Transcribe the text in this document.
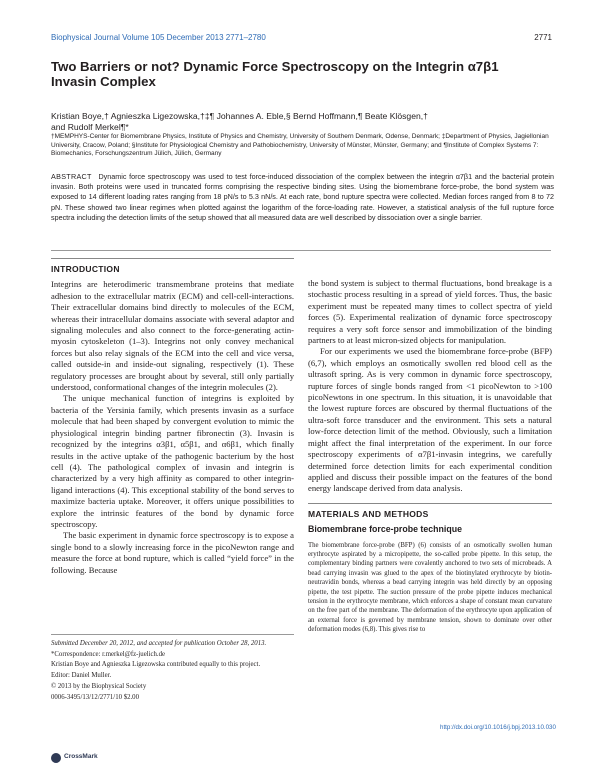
Biophysical Journal Volume 105 December 2013 2771–2780	2771
Two Barriers or not? Dynamic Force Spectroscopy on the Integrin α7β1
Invasin Complex
Kristian Boye,† Agnieszka Ligezowska,†‡¶ Johannes A. Eble,§ Bernd Hoffmann,¶ Beate Klösgen,†
and Rudolf Merkel¶*
†MEMPHYS-Center for Biomembrane Physics, Institute of Physics and Chemistry, University of Southern Denmark, Odense, Denmark; ‡Department of Physics, Jagiellonian University, Cracow, Poland; §Institute for Physiological Chemistry and Pathobiochemistry, University of Münster, Münster, Germany; and ¶Institute of Complex Systems 7: Biomechanics, Forschungszentrum Jülich, Jülich, Germany
ABSTRACT Dynamic force spectroscopy was used to test force-induced dissociation of the complex between the integrin α7β1 and the bacterial protein invasin. Both proteins were used in truncated forms comprising the respective binding sites. Using the biomembrane force-probe, the bond system was exposed to 14 different loading rates ranging from 18 pN/s to 5.3 nN/s. At each rate, bond rupture spectra were collected. Median forces ranged from 8 to 72 pN. These showed two linear regimes when plotted against the logarithm of the force-loading rate. However, a statistical analysis of the full rupture force spectra including the detection limits of the setup showed that all measured data are well described by dissociation over a single barrier.
INTRODUCTION

Integrins are heterodimeric transmembrane proteins that mediate adhesion to the extracellular matrix (ECM) and cell-cell-interactions. Their extracellular domains bind directly to molecules of the ECM, whereas their intracellular domains associate with several adaptor and signaling molecules and also connect to the force-generating actin-myosin cytoskeleton (1–3). Integrins not only convey mechanical forces but also relay signals of the ECM into the cell and vice versa, called outside-in and inside-out signaling, respectively (1). These regulatory processes are brought about by several, still only partially understood, conformational changes of the integrin molecules (2).

The unique mechanical function of integrins is exploited by bacteria of the Yersinia family, which presents invasin as a surface molecule that had been shaped by convergent evolution to mimic the physiological integrin binding partner fibronectin (3). Invasin is recognized by the integrins α3β1, α5β1, and α6β1, which finally results in the active uptake of the pathogenic bacterium by the host cell (4). The pathological complex of invasin and integrin is characterized by a very high affinity as compared to other integrin-ligand interactions (4). This exceptional stability of the bond serves to maximize bacteria uptake. Moreover, it offers unique possibilities to explore the intrinsic features of the bond by dynamic force spectroscopy.

The basic experiment in dynamic force spectroscopy is to expose a single bond to a slowly increasing force in the picoNewton range and measure the force at bond rupture, which is called “yield force” in the following. Because

Submitted December 20, 2012, and accepted for publication October 28, 2013.

*Correspondence: r.merkel@fz-juelich.de

Kristian Boye and Agnieszka Ligezowska contributed equally to this project.

Editor: Daniel Muller.

© 2013 by the Biophysical Society

0006-3495/13/12/2771/10 $2.00

the bond system is subject to thermal fluctuations, bond breakage is a stochastic process resulting in a spread of yield forces. Thus, the basic experiment must be repeated many times to collect spectra of yield forces (5). Experimental realization of dynamic force spectroscopy requires a very soft force sensor and immobilization of the binding partners to at least micron-sized objects for manipulation.

For our experiments we used the biomembrane force-probe (BFP) (6,7), which employs an osmotically swollen red blood cell as the ultrasoft spring. As is very common in dynamic force spectroscopy, rupture forces of single bonds ranged from <1 picoNewton to >100 picoNewtons in one spectrum. In this situation, it is unavoidable that the lowest rupture forces are obscured by thermal fluctuations of the ultra-soft force transducer and the environment. This sets a natural low-force detection limit of the method. Obviously, such a limitation might affect the final interpretation of the experiment. In our force spectroscopy experiments of α7β1-invasin integrins, we carefully determined force detection limits for each experimental condition applied and discuss their possible impact on the features of the bond energy landscape derived from data analysis.

MATERIALS AND METHODS
Biomembrane force-probe technique

The biomembrane force-probe (BFP) (6) consists of an osmotically swollen human erythrocyte aspirated by a micropipette, the so-called probe pipette. In this setup, the complementary binding partners were covalently anchored to two sets of microbeads. A bead carrying invasin was glued to the apex of the biotinylated erythrocyte by biotin-neutravidin bonds, whereas a bead carrying integrin was held directly by an opposing pipette, the test pipette. The suction pressure of the probe pipette induces mechanical tension in the erythrocyte membrane, which enforces a shape of constant mean curvature on the free part of the membrane. The deformation of the erythrocyte upon application of an external force is governed by membrane tension, shown to dominate over other deformation modes (6,8). This gives rise to

http://dx.doi.org/10.1016/j.bpj.2013.10.030
CrossMark
